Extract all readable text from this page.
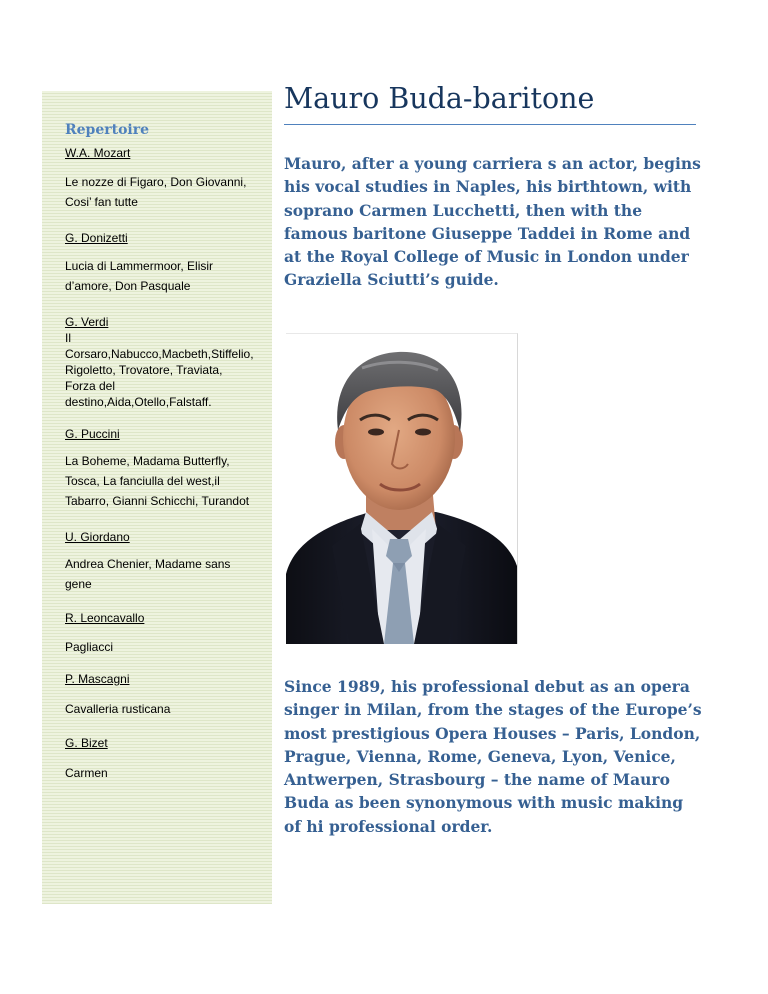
Repertoire
W.A. Mozart

Le nozze di Figaro, Don Giovanni, Cosi’ fan tutte

G. Donizetti

Lucia di Lammermoor, Elisir d’amore, Don Pasquale

G. Verdi

Il Corsaro,Nabucco,Macbeth,Stiffelio, Rigoletto, Trovatore, Traviata, Forza del destino,Aida,Otello,Falstaff.

G. Puccini

La Boheme, Madama Butterfly, Tosca, La fanciulla del west,il Tabarro, Gianni Schicchi, Turandot

U. Giordano

Andrea Chenier, Madame sans gene

R. Leoncavallo

Pagliacci

P. Mascagni

Cavalleria rusticana

G. Bizet

Carmen

Mauro Buda-baritone

Mauro, after a young carriera s an actor, begins his vocal studies in Naples, his birthtown, with soprano Carmen Lucchetti, then with the famous baritone Giuseppe Taddei in Rome and at the Royal College of Music in London under Graziella Sciutti’s guide.

Since 1989, his professional debut as an opera singer in Milan, from the stages of the Europe’s most prestigious Opera Houses – Paris, London, Prague, Vienna, Rome, Geneva, Lyon, Venice, Antwerpen, Strasbourg – the name of Mauro Buda as been synonymous with music making of hi professional order.
